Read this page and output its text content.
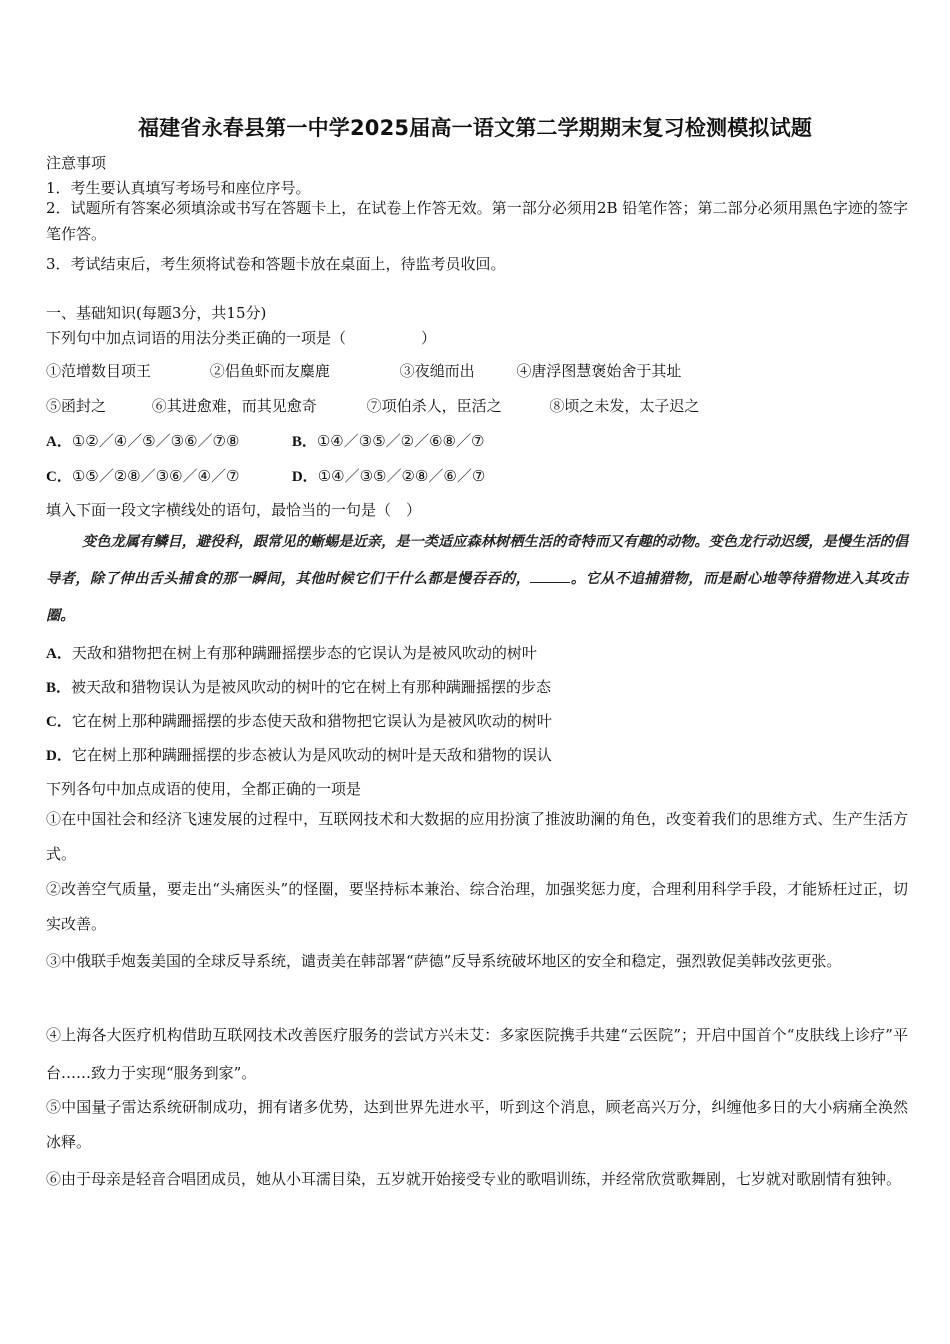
福建省永春县第一中学2025届高一语文第二学期期末复习检测模拟试题
注意事项
1．考生要认真填写考场号和座位序号。
2．试题所有答案必须填涂或书写在答题卡上，在试卷上作答无效。第一部分必须用2B 铅笔作答；第二部分必须用黑色字迹的签字笔作答。
3．考试结束后，考生须将试卷和答题卡放在桌面上，待监考员收回。
一、基础知识(每题3分，共15分)
下列句中加点词语的用法分类正确的一项是（　　　　　）
①范增数目项王	②侣鱼虾而友麋鹿	③夜缒而出	④唐浮图慧褒始舍于其址
⑤函封之	⑥其进愈难，而其见愈奇	⑦项伯杀人，臣活之	⑧顷之未发，太子迟之
A．①②／④／⑤／③⑥／⑦⑧	B．①④／③⑤／②／⑥⑧／⑦
C．①⑤／②⑧／③⑥／④／⑦	D．①④／③⑤／②⑧／⑥／⑦
填入下面一段文字横线处的语句，最恰当的一句是（　）
变色龙属有鳞目，避役科，跟常见的蜥蜴是近亲，是一类适应森林树栖生活的奇特而又有趣的动物。变色龙行动迟缓，是慢生活的倡导者，除了伸出舌头捕食的那一瞬间，其他时候它们干什么都是慢吞吞的，	。它从不追捕猎物，而是耐心地等待猎物进入其攻击圈。
A．天敌和猎物把在树上有那种蹒跚摇摆步态的它误认为是被风吹动的树叶
B．被天敌和猎物误认为是被风吹动的树叶的它在树上有那种蹒跚摇摆的步态
C．它在树上那种蹒跚摇摆的步态使天敌和猎物把它误认为是被风吹动的树叶
D．它在树上那种蹒跚摇摆的步态被认为是风吹动的树叶是天敌和猎物的误认
下列各句中加点成语的使用，全都正确的一项是
①在中国社会和经济飞速发展的过程中，互联网技术和大数据的应用扮演了推波助澜的角色，改变着我们的思维方式、生产生活方式。
②改善空气质量，要走出“头痛医头”的怪圈，要坚持标本兼治、综合治理，加强奖惩力度，合理利用科学手段，才能矫枉过正，切实改善。
③中俄联手炮轰美国的全球反导系统，谴责美在韩部署“萨德”反导系统破坏地区的安全和稳定，强烈敦促美韩改弦更张。
④上海各大医疗机构借助互联网技术改善医疗服务的尝试方兴未艾：多家医院携手共建“云医院”；开启中国首个“皮肤线上诊疗”平台……致力于实现“服务到家”。
⑤中国量子雷达系统研制成功，拥有诸多优势，达到世界先进水平，听到这个消息，顾老高兴万分，纠缠他多日的大小病痛全涣然冰释。
⑥由于母亲是轻音合唱团成员，她从小耳濡目染，五岁就开始接受专业的歌唱训练，并经常欣赏歌舞剧，七岁就对歌剧情有独钟。
